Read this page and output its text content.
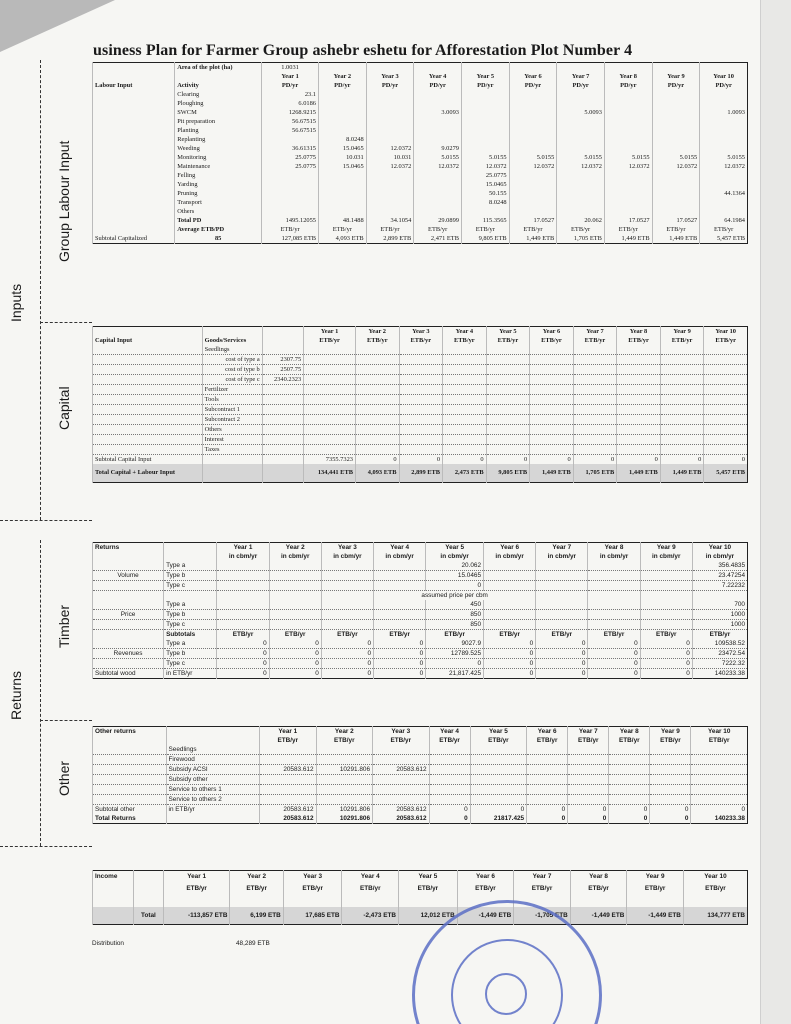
usiness Plan for Farmer Group ashebr eshetu for Afforestation Plot Number 4
Inputs
Group Labour Input
Capital
Returns
Timber
Other
	Area of the plot (ha)	1.0031									
		Year 1	Year 2	Year 3	Year 4	Year 5	Year 6	Year 7	Year 8	Year 9	Year 10
Labour Input	Activity	PD/yr	PD/yr	PD/yr	PD/yr	PD/yr	PD/yr	PD/yr	PD/yr	PD/yr	PD/yr
	Clearing	23.1									
	Ploughing	6.0186									
	SWCM	1268.9215			3.0093			5.0093			1.0093
	Pit preparation	56.67515									
	Planting	56.67515									
	Replanting		8.0248								
	Weeding	36.61315	15.0465	12.0372	9.0279						
	Monitoring	25.0775	10.031	10.031	5.0155	5.0155	5.0155	5.0155	5.0155	5.0155	5.0155
	Maintenance	25.0775	15.0465	12.0372	12.0372	12.0372	12.0372	12.0372	12.0372	12.0372	12.0372
	Felling					25.0775					
	Yarding					15.0465					
	Pruning					50.155					44.1364
	Transport					8.0248					
	Others										
	Total PD	1495.12055	48.1488	34.1054	29.0899	115.3565	17.0527	20.062	17.0527	17.0527	64.1984
	Average ETB/PD	ETB/yr	ETB/yr	ETB/yr	ETB/yr	ETB/yr	ETB/yr	ETB/yr	ETB/yr	ETB/yr	ETB/yr
Subtotal Capitalized	85	127,085 ETB	4,093 ETB	2,899 ETB	2,471 ETB	9,805 ETB	1,449 ETB	1,705 ETB	1,449 ETB	1,449 ETB	5,457 ETB
			Year 1	Year 2	Year 3	Year 4	Year 5	Year 6	Year 7	Year 8	Year 9	Year 10
Capital Input	Goods/Services		ETB/yr	ETB/yr	ETB/yr	ETB/yr	ETB/yr	ETB/yr	ETB/yr	ETB/yr	ETB/yr	ETB/yr
	Seedlings											
	cost of type a	2307.75										
	cost of type b	2507.75										
	cost of type c	2340.2323										
	Fertilizer											
	Tools											
	Subcontract 1											
	Subcontract 2											
	Others											
	Interest											
	Taxes											
Subtotal Capital Input			7355.7323	0	0	0	0	0	0	0	0	0
Total Capital + Labour Input			134,441 ETB	4,093 ETB	2,899 ETB	2,473 ETB	9,805 ETB	1,449 ETB	1,705 ETB	1,449 ETB	1,449 ETB	5,457 ETB
Returns		Year 1	Year 2	Year 3	Year 4	Year 5	Year 6	Year 7	Year 8	Year 9	Year 10
		in cbm/yr	in cbm/yr	in cbm/yr	in cbm/yr	in cbm/yr	in cbm/yr	in cbm/yr	in cbm/yr	in cbm/yr	in cbm/yr
	Type a					20.062					356.4835
Volume	Type b					15.0465					23.47254
	Type c					0					7.22232
					assumed price per cbm						
	Type a					450					700
Price	Type b					850					1000
	Type c					850					1000
	Subtotals	ETB/yr	ETB/yr	ETB/yr	ETB/yr	ETB/yr	ETB/yr	ETB/yr	ETB/yr	ETB/yr	ETB/yr
	Type a	0	0	0	0	9027.9	0	0	0	0	109538.52
Revenues	Type b	0	0	0	0	12789.525	0	0	0	0	23472.54
	Type c	0	0	0	0	0	0	0	0	0	7222.32
Subtotal wood	in ETB/yr	0	0	0	0	21,817.425	0	0	0	0	140233.38
Other returns		Year 1	Year 2	Year 3	Year 4	Year 5	Year 6	Year 7	Year 8	Year 9	Year 10
		ETB/yr	ETB/yr	ETB/yr	ETB/yr	ETB/yr	ETB/yr	ETB/yr	ETB/yr	ETB/yr	ETB/yr
	Seedlings										
	Firewood										
	Subsidy ACSI	20583.612	10291.806	20583.612							
	Subsidy other										
	Service to others 1										
	Service to others 2										
Subtotal other	in ETB/yr	20583.612	10291.806	20583.612	0	0	0	0	0	0	0
Total Returns		20583.612	10291.806	20583.612	0	21817.425	0	0	0	0	140233.38
Income		Year 1	Year 2	Year 3	Year 4	Year 5	Year 6	Year 7	Year 8	Year 9	Year 10
		ETB/yr	ETB/yr	ETB/yr	ETB/yr	ETB/yr	ETB/yr	ETB/yr	ETB/yr	ETB/yr	ETB/yr

	Total	-113,857 ETB	6,199 ETB	17,685 ETB	-2,473 ETB	12,012 ETB	-1,449 ETB	-1,705 ETB	-1,449 ETB	-1,449 ETB	134,777 ETB
Distribution	48,289 ETB
